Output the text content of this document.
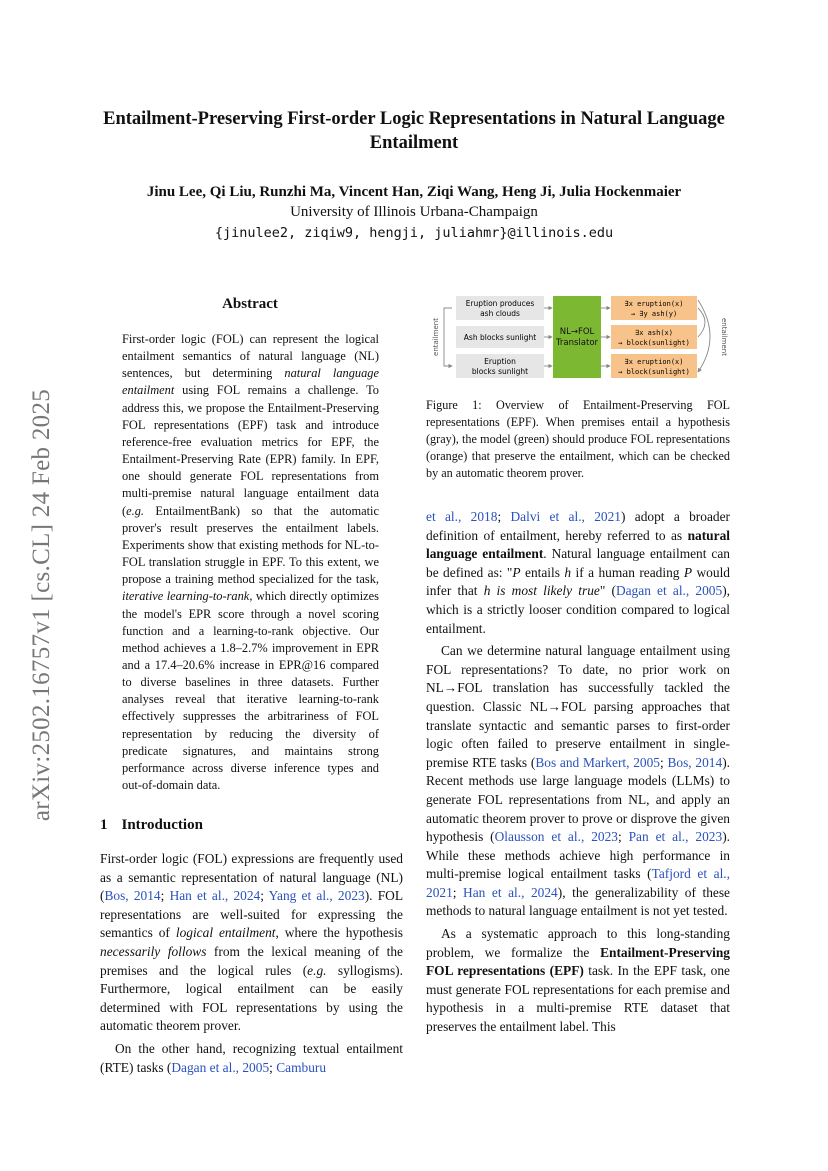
arXiv:2502.16757v1 [cs.CL] 24 Feb 2025
Entailment-Preserving First-order Logic Representations in Natural Language Entailment
Jinu Lee, Qi Liu, Runzhi Ma, Vincent Han, Ziqi Wang, Heng Ji, Julia Hockenmaier
University of Illinois Urbana-Champaign
{jinulee2, ziqiw9, hengji, juliahmr}@illinois.edu
Abstract
First-order logic (FOL) can represent the logical entailment semantics of natural language (NL) sentences, but determining natural language entailment using FOL remains a challenge. To address this, we propose the Entailment-Preserving FOL representations (EPF) task and introduce reference-free evaluation metrics for EPF, the Entailment-Preserving Rate (EPR) family. In EPF, one should generate FOL representations from multi-premise natural language entailment data (e.g. EntailmentBank) so that the automatic prover's result preserves the entailment labels. Experiments show that existing methods for NL-to-FOL translation struggle in EPF. To this extent, we propose a training method specialized for the task, iterative learning-to-rank, which directly optimizes the model's EPR score through a novel scoring function and a learning-to-rank objective. Our method achieves a 1.8–2.7% improvement in EPR and a 17.4–20.6% increase in EPR@16 compared to diverse baselines in three datasets. Further analyses reveal that iterative learning-to-rank effectively suppresses the arbitrariness of FOL representation by reducing the diversity of predicate signatures, and maintains strong performance across diverse inference types and out-of-domain data.
1 Introduction

First-order logic (FOL) expressions are frequently used as a semantic representation of natural language (NL) (Bos, 2014; Han et al., 2024; Yang et al., 2023). FOL representations are well-suited for expressing the semantics of logical entailment, where the hypothesis necessarily follows from the lexical meaning of the premises and the logical rules (e.g. syllogisms). Furthermore, logical entailment can be easily determined with FOL representations by using the automatic theorem prover.

On the other hand, recognizing textual entailment (RTE) tasks (Dagan et al., 2005; Camburu

Eruption produces
ash clouds
Ash blocks sunlight
Eruption
blocks sunlight
entailment	NL→FOL
Translator
∃x eruption(x)
→ ∃y ash(y)
∃x ash(x)
→ block(sunlight)
∃x eruption(x)
→ block(sunlight)
entailment
Figure 1: Overview of Entailment-Preserving FOL representations (EPF). When premises entail a hypothesis (gray), the model (green) should produce FOL representations (orange) that preserve the entailment, which can be checked by an automatic theorem prover.

et al., 2018; Dalvi et al., 2021) adopt a broader definition of entailment, hereby referred to as natural language entailment. Natural language entailment can be defined as: "P entails h if a human reading P would infer that h is most likely true" (Dagan et al., 2005), which is a strictly looser condition compared to logical entailment.

Can we determine natural language entailment using FOL representations? To date, no prior work on NL→FOL translation has successfully tackled the question. Classic NL→FOL parsing approaches that translate syntactic and semantic parses to first-order logic often failed to preserve entailment in single-premise RTE tasks (Bos and Markert, 2005; Bos, 2014). Recent methods use large language models (LLMs) to generate FOL representations from NL, and apply an automatic theorem prover to prove or disprove the given hypothesis (Olausson et al., 2023; Pan et al., 2023). While these methods achieve high performance in multi-premise logical entailment tasks (Tafjord et al., 2021; Han et al., 2024), the generalizability of these methods to natural language entailment is not yet tested.

As a systematic approach to this long-standing problem, we formalize the Entailment-Preserving FOL representations (EPF) task. In the EPF task, one must generate FOL representations for each premise and hypothesis in a multi-premise RTE dataset that preserves the entailment label. This
